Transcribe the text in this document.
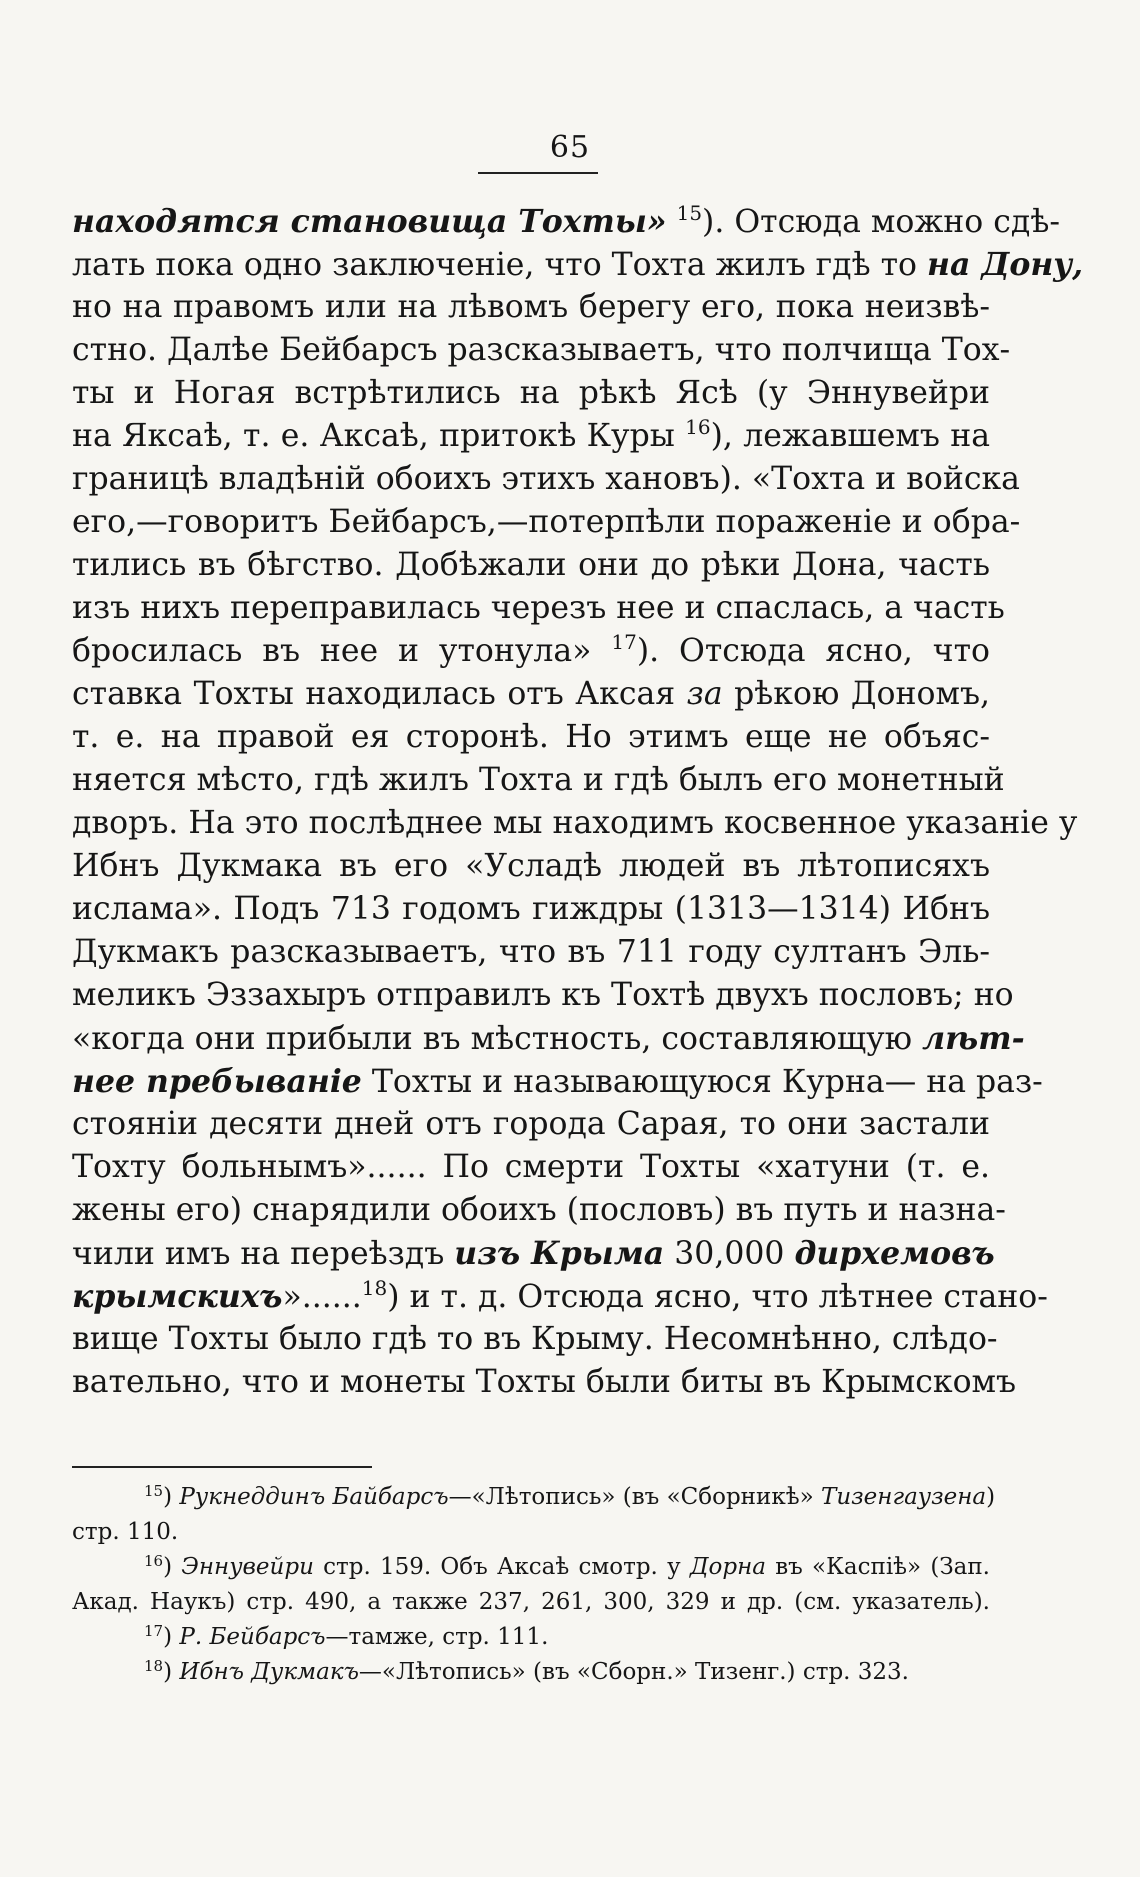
65
находятся становища Тохты» $^{15}$). Отсюда можно сдѣ-
лать пока одно заключеніе, что Тохта жилъ гдѣ то на Дону,
но на правомъ или на лѣвомъ берегу его, пока неизвѣ-
стно. Далѣе Бейбарсъ разсказываетъ, что полчища Тох-
ты и Ногая встрѣтились на рѣкѣ Ясѣ (у Эннувейри
на Яксаѣ, т. е. Аксаѣ, притокѣ Куры $^{16}$), лежавшемъ на
границѣ владѣній обоихъ этихъ хановъ). «Тохта и войска
его,—говоритъ Бейбарсъ,—потерпѣли пораженіе и обра-
тились въ бѣгство. Добѣжали они до рѣки Дона, часть
изъ нихъ переправилась черезъ нее и спаслась, а часть
бросилась въ нее и утонула» $^{17}$). Отсюда ясно, что
ставка Тохты находилась отъ Аксая за рѣкою Дономъ,
т. е. на правой ея сторонѣ. Но этимъ еще не объяс-
няется мѣсто, гдѣ жилъ Тохта и гдѣ былъ его монетный
дворъ. На это послѣднее мы находимъ косвенное указаніе у
Ибнъ Дукмака въ его «Усладѣ людей въ лѣтописяхъ
ислама». Подъ 713 годомъ гиждры (1313—1314) Ибнъ
Дукмакъ разсказываетъ, что въ 711 году султанъ Эль-
меликъ Эззахыръ отправилъ къ Тохтѣ двухъ пословъ; но
«когда они прибыли въ мѣстность, составляющую лѣт-
нее пребываніе Тохты и называющуюся Курна— на раз-
стояніи десяти дней отъ города Сарая, то они застали
Тохту больнымъ»...... По смерти Тохты «хатуни (т. е.
жены его) снарядили обоихъ (пословъ) въ путь и назна-
чили имъ на переѣздъ изъ Крыма 30,000 дирхемовъ
крымскихъ»......$^{18}$) и т. д. Отсюда ясно, что лѣтнее стано-
вище Тохты было гдѣ то въ Крыму. Несомнѣнно, слѣдо-
вательно, что и монеты Тохты были биты въ Крымскомъ
$^{15}$) Рукнеддинъ Байбарсъ—«Лѣтопись» (въ «Сборникѣ» Тизенгаузена)
стр. 110.
$^{16}$) Эннувейри стр. 159. Объ Аксаѣ смотр. у Дорна въ «Каспіѣ» (Зап.
Акад. Наукъ) стр. 490, а также 237, 261, 300, 329 и др. (см. указатель).
$^{17}$) Р. Бейбарсъ—тамже, стр. 111.
$^{18}$) Ибнъ Дукмакъ—«Лѣтопись» (въ «Сборн.» Тизенг.) стр. 323.
